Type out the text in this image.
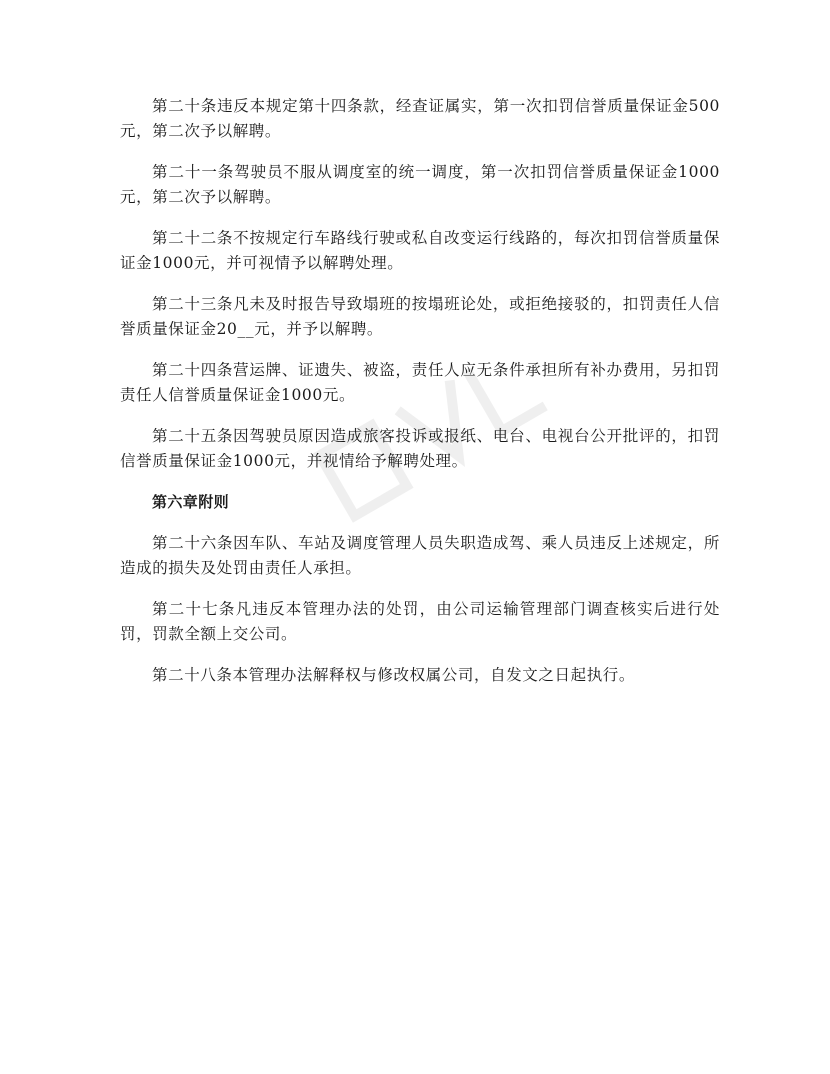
第二十条违反本规定第十四条款，经查证属实，第一次扣罚信誉质量保证金500元，第二次予以解聘。

第二十一条驾驶员不服从调度室的统一调度，第一次扣罚信誉质量保证金1000元，第二次予以解聘。

第二十二条不按规定行车路线行驶或私自改变运行线路的，每次扣罚信誉质量保证金1000元，并可视情予以解聘处理。

第二十三条凡未及时报告导致塌班的按塌班论处，或拒绝接驳的，扣罚责任人信誉质量保证金20__元，并予以解聘。

第二十四条营运牌、证遗失、被盗，责任人应无条件承担所有补办费用，另扣罚责任人信誉质量保证金1000元。

第二十五条因驾驶员原因造成旅客投诉或报纸、电台、电视台公开批评的，扣罚信誉质量保证金1000元，并视情给予解聘处理。

第六章附则

第二十六条因车队、车站及调度管理人员失职造成驾、乘人员违反上述规定，所造成的损失及处罚由责任人承担。

第二十七条凡违反本管理办法的处罚，由公司运输管理部门调查核实后进行处罚，罚款全额上交公司。

第二十八条本管理办法解释权与修改权属公司，自发文之日起执行。
